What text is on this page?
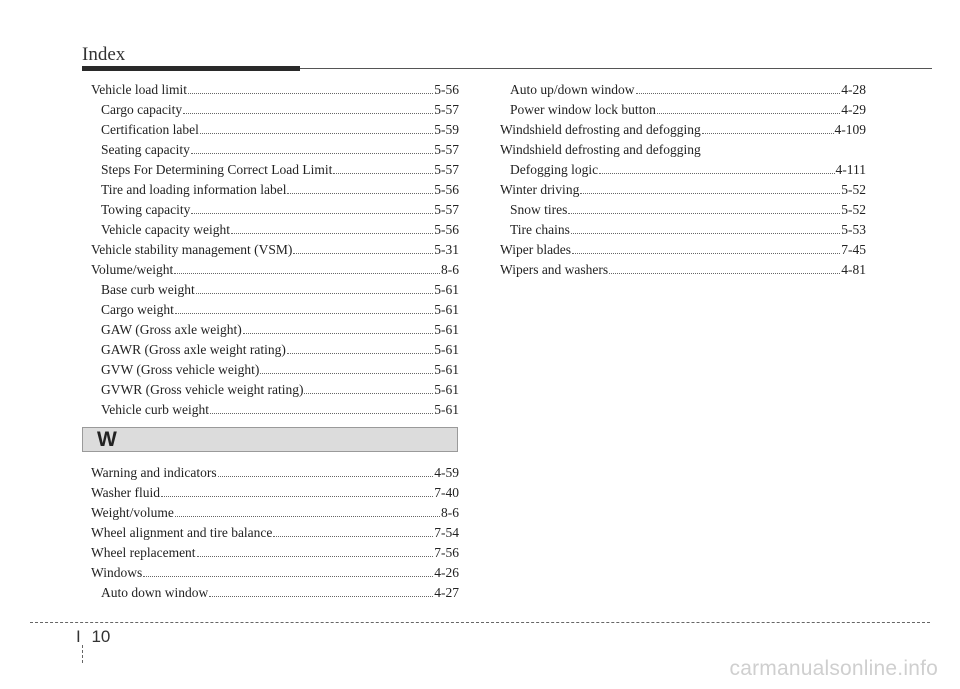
Index
Vehicle load limit	5-56
Cargo capacity	5-57
Certification label	5-59
Seating capacity	5-57
Steps For Determining Correct Load Limit	5-57
Tire and loading information label	5-56
Towing capacity	5-57
Vehicle capacity weight	5-56
Vehicle stability management (VSM)	5-31
Volume/weight	8-6
Base curb weight	5-61
Cargo weight	5-61
GAW (Gross axle weight)	5-61
GAWR (Gross axle weight rating)	5-61
GVW (Gross vehicle weight)	5-61
GVWR (Gross vehicle weight rating)	5-61
Vehicle curb weight	5-61
W
Warning and indicators	4-59
Washer fluid	7-40
Weight/volume	8-6
Wheel alignment and tire balance	7-54
Wheel replacement	7-56
Windows	4-26
Auto down window	4-27
Auto up/down window	4-28
Power window lock button	4-29
Windshield defrosting and defogging	4-109
Windshield defrosting and defogging
Defogging logic	4-111
Winter driving	5-52
Snow tires	5-52
Tire chains	5-53
Wiper blades	7-45
Wipers and washers	4-81
I 10
carmanualsonline.info
